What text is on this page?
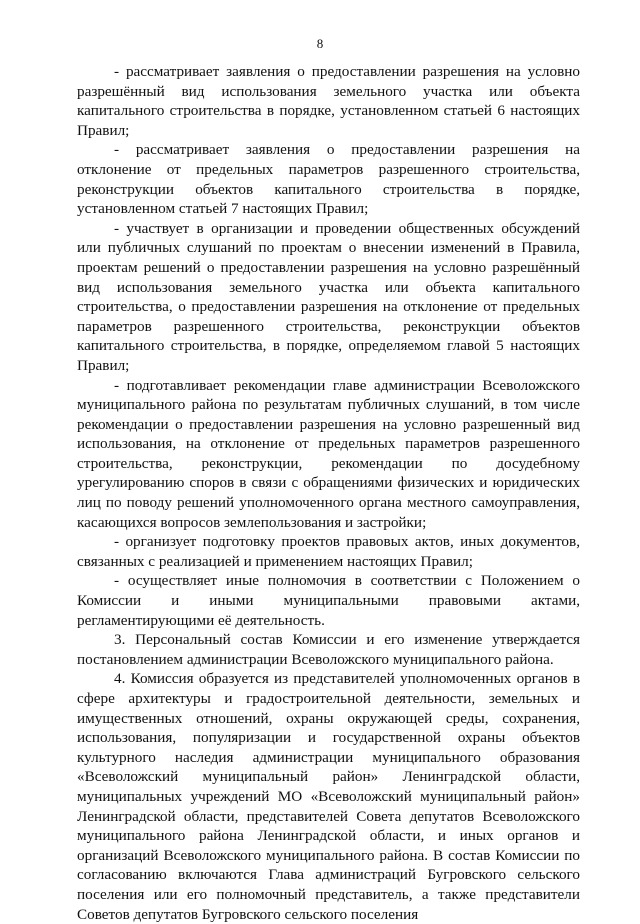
8

- рассматривает заявления о предоставлении разрешения на условно разрешённый вид использования земельного участка или объекта капитального строительства в порядке, установленном статьей 6 настоящих Правил;

- рассматривает заявления о предоставлении разрешения на отклонение от предельных параметров разрешенного строительства, реконструкции объектов капитального строительства в порядке, установленном статьей 7 настоящих Правил;

- участвует в организации и проведении общественных обсуждений или публичных слушаний по проектам о внесении изменений в Правила, проектам решений о предоставлении разрешения на условно разрешённый вид использования земельного участка или объекта капитального строительства, о предоставлении разрешения на отклонение от предельных параметров разрешенного строительства, реконструкции объектов капитального строительства, в порядке, определяемом главой 5 настоящих Правил;

- подготавливает рекомендации главе администрации Всеволожского муниципального района по результатам публичных слушаний, в том числе рекомендации о предоставлении разрешения на условно разрешенный вид использования, на отклонение от предельных параметров разрешенного строительства, реконструкции, рекомендации по досудебному урегулированию споров в связи с обращениями физических и юридических лиц по поводу решений уполномоченного органа местного самоуправления, касающихся вопросов землепользования и застройки;

- организует подготовку проектов правовых актов, иных документов, связанных с реализацией и применением настоящих Правил;

- осуществляет иные полномочия в соответствии с Положением о Комиссии и иными муниципальными правовыми актами, регламентирующими её деятельность.

3. Персональный состав Комиссии и его изменение утверждается постановлением администрации Всеволожского муниципального района.

4. Комиссия образуется из представителей уполномоченных органов в сфере архитектуры и градостроительной деятельности, земельных и имущественных отношений, охраны окружающей среды, сохранения, использования, популяризации и государственной охраны объектов культурного наследия администрации муниципального образования «Всеволожский муниципальный район» Ленинградской области, муниципальных учреждений МО «Всеволожский муниципальный район» Ленинградской области, представителей Совета депутатов Всеволожского муниципального района Ленинградской области, и иных органов и организаций Всеволожского муниципального района. В состав Комиссии по согласованию включаются Глава администраций Бугровского сельского поселения или его полномочный представитель, а также представители Советов депутатов Бугровского сельского поселения
